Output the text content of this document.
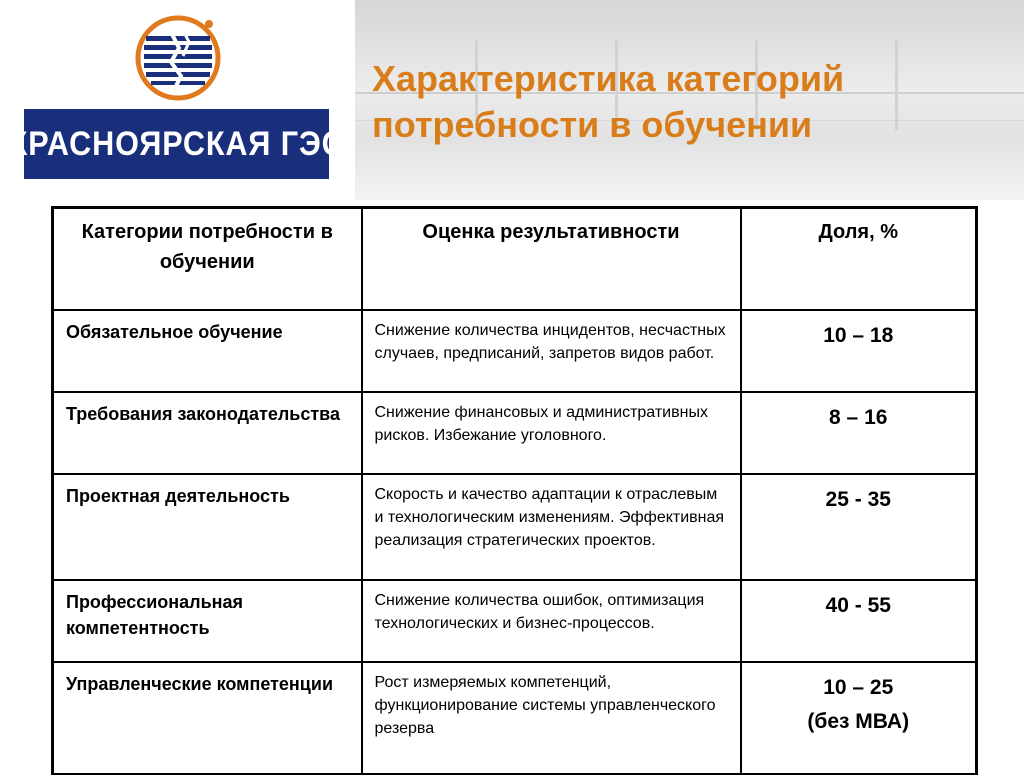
КРАСНОЯРСКАЯ ГЭС
Характеристика категорий
потребности в обучении
Категории потребности в обучении	Оценка результативности	Доля, %
Обязательное обучение	Снижение количества инцидентов, несчастных случаев, предписаний, запретов видов работ.	10 – 18

Требования законодательства	Снижение финансовых и административных рисков. Избежание уголовного.	8 – 16

Проектная деятельность	Скорость и качество адаптации к отраслевым и технологическим изменениям. Эффективная реализация стратегических проектов.	25 - 35

Профессиональная компетентность	Снижение количества ошибок, оптимизация технологических и бизнес-процессов.	40 - 55

Управленческие компетенции	Рост измеряемых компетенций, функционирование системы управленческого резерва	10 – 25
(без МВА)
